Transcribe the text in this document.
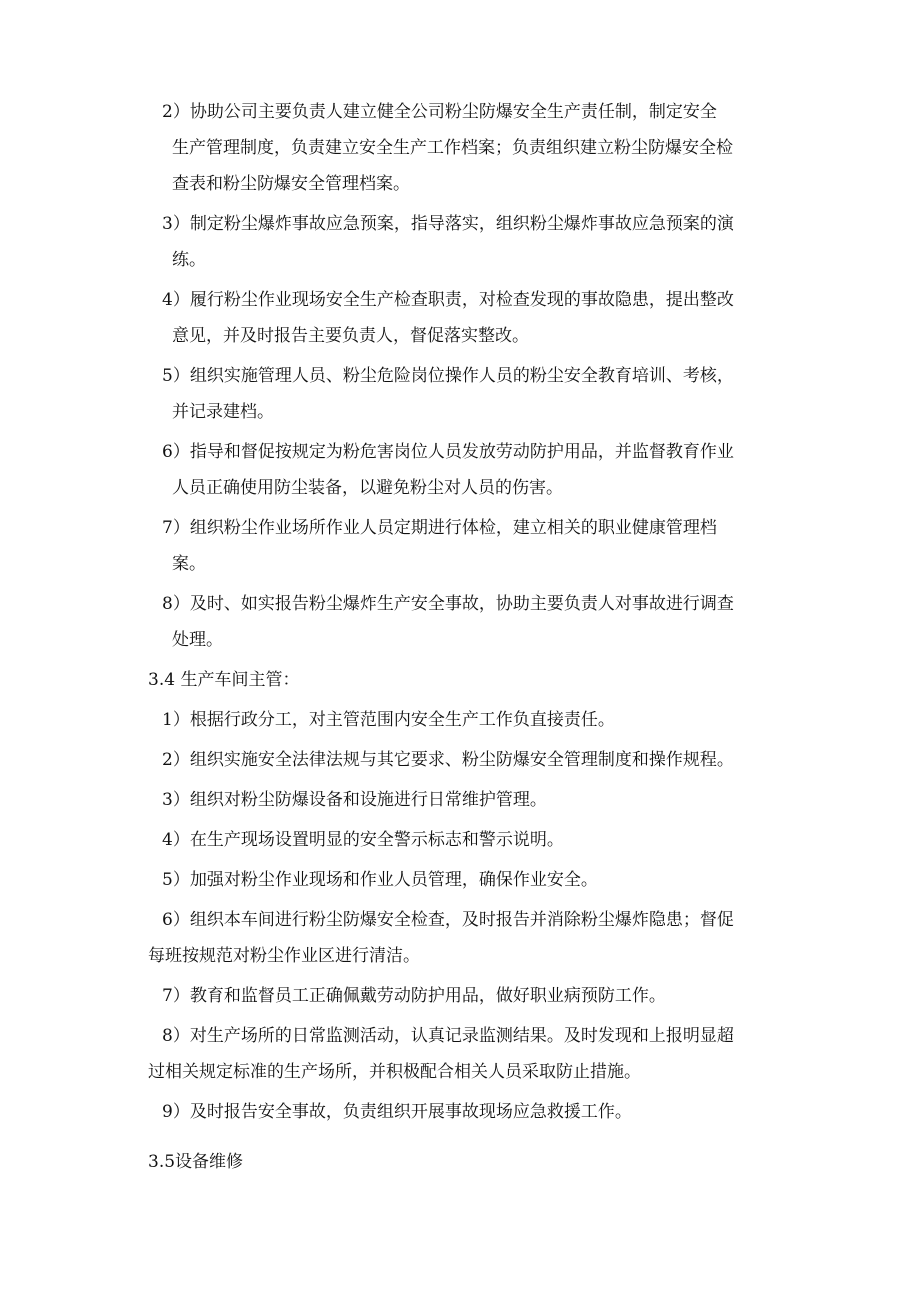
2）协助公司主要负责人建立健全公司粉尘防爆安全生产责任制，制定安全
生产管理制度，负责建立安全生产工作档案；负责组织建立粉尘防爆安全检
查表和粉尘防爆安全管理档案。
3）制定粉尘爆炸事故应急预案，指导落实，组织粉尘爆炸事故应急预案的演
练。
4）履行粉尘作业现场安全生产检查职责，对检查发现的事故隐患，提出整改
意见，并及时报告主要负责人，督促落实整改。
5）组织实施管理人员、粉尘危险岗位操作人员的粉尘安全教育培训、考核，
并记录建档。
6）指导和督促按规定为粉危害岗位人员发放劳动防护用品，并监督教育作业
人员正确使用防尘装备，以避免粉尘对人员的伤害。
7）组织粉尘作业场所作业人员定期进行体检，建立相关的职业健康管理档
案。
8）及时、如实报告粉尘爆炸生产安全事故，协助主要负责人对事故进行调查
处理。
3.4 生产车间主管：
1）根据行政分工，对主管范围内安全生产工作负直接责任。
2）组织实施安全法律法规与其它要求、粉尘防爆安全管理制度和操作规程。
3）组织对粉尘防爆设备和设施进行日常维护管理。
4）在生产现场设置明显的安全警示标志和警示说明。
5）加强对粉尘作业现场和作业人员管理，确保作业安全。
6）组织本车间进行粉尘防爆安全检查，及时报告并消除粉尘爆炸隐患；督促
每班按规范对粉尘作业区进行清洁。
7）教育和监督员工正确佩戴劳动防护用品，做好职业病预防工作。
8）对生产场所的日常监测活动，认真记录监测结果。及时发现和上报明显超
过相关规定标准的生产场所，并积极配合相关人员采取防止措施。
9）及时报告安全事故，负责组织开展事故现场应急救援工作。
3.5设备维修
